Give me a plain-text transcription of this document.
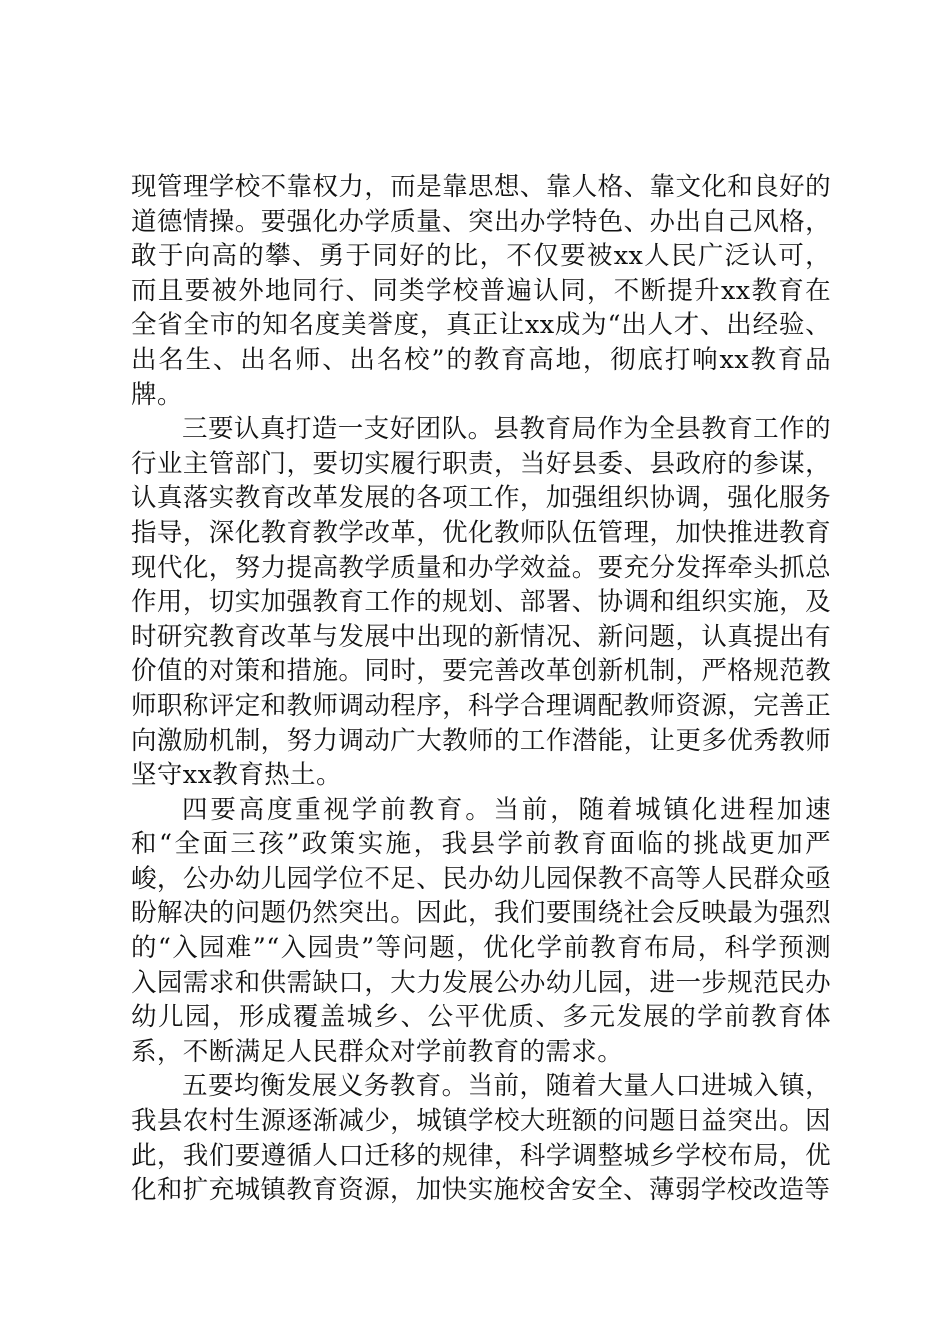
现管理学校不靠权力，而是靠思想、靠人格、靠文化和良好的道德情操。要强化办学质量、突出办学特色、办出自己风格，敢于向高的攀、勇于同好的比，不仅要被xx人民广泛认可，而且要被外地同行、同类学校普遍认同，不断提升xx教育在全省全市的知名度美誉度，真正让xx成为“出人才、出经验、出名生、出名师、出名校”的教育高地，彻底打响xx教育品牌。

三要认真打造一支好团队。县教育局作为全县教育工作的行业主管部门，要切实履行职责，当好县委、县政府的参谋，认真落实教育改革发展的各项工作，加强组织协调，强化服务指导，深化教育教学改革，优化教师队伍管理，加快推进教育现代化，努力提高教学质量和办学效益。要充分发挥牵头抓总作用，切实加强教育工作的规划、部署、协调和组织实施，及时研究教育改革与发展中出现的新情况、新问题，认真提出有价值的对策和措施。同时，要完善改革创新机制，严格规范教师职称评定和教师调动程序，科学合理调配教师资源，完善正向激励机制，努力调动广大教师的工作潜能，让更多优秀教师坚守xx教育热土。

四要高度重视学前教育。当前，随着城镇化进程加速和“全面三孩”政策实施，我县学前教育面临的挑战更加严峻，公办幼儿园学位不足、民办幼儿园保教不高等人民群众亟盼解决的问题仍然突出。因此，我们要围绕社会反映最为强烈的“入园难”“入园贵”等问题，优化学前教育布局，科学预测入园需求和供需缺口，大力发展公办幼儿园，进一步规范民办幼儿园，形成覆盖城乡、公平优质、多元发展的学前教育体系，不断满足人民群众对学前教育的需求。

五要均衡发展义务教育。当前，随着大量人口进城入镇，我县农村生源逐渐减少，城镇学校大班额的问题日益突出。因此，我们要遵循人口迁移的规律，科学调整城乡学校布局，优化和扩充城镇教育资源，加快实施校舍安全、薄弱学校改造等
